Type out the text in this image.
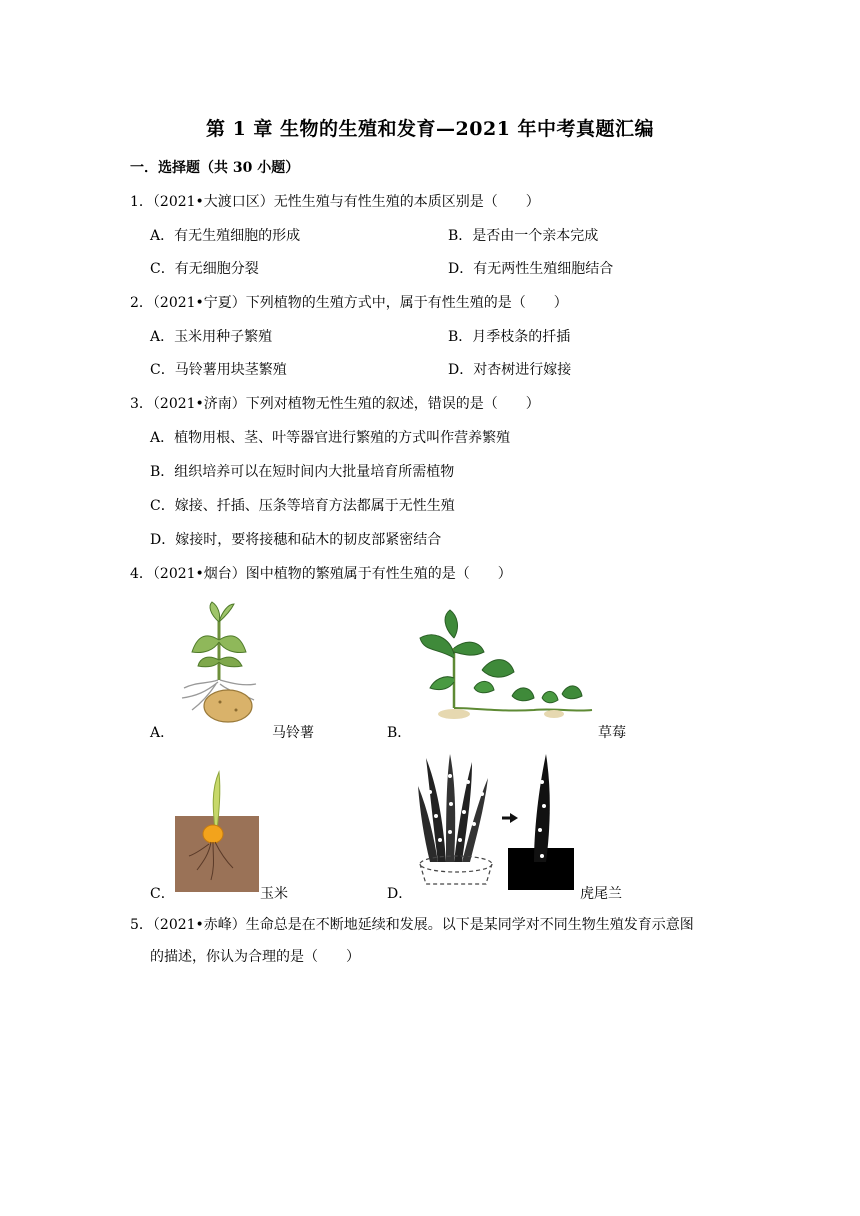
第 1 章 生物的生殖和发育—2021 年中考真题汇编
一．选择题（共 30 小题）
1．（2021•大渡口区）无性生殖与有性生殖的本质区别是（　　）
A．有无生殖细胞的形成	B．是否由一个亲本完成
C．有无细胞分裂	D．有无两性生殖细胞结合
2．（2021•宁夏）下列植物的生殖方式中，属于有性生殖的是（　　）
A．玉米用种子繁殖	B．月季枝条的扦插
C．马铃薯用块茎繁殖	D．对杏树进行嫁接
3．（2021•济南）下列对植物无性生殖的叙述，错误的是（　　）
A．植物用根、茎、叶等器官进行繁殖的方式叫作营养繁殖
B．组织培养可以在短时间内大批量培育所需植物
C．嫁接、扦插、压条等培育方法都属于无性生殖
D．嫁接时，要将接穗和砧木的韧皮部紧密结合
4．（2021•烟台）图中植物的繁殖属于有性生殖的是（　　）
A．	马铃薯	B．	草莓
C．	玉米	D．	虎尾兰
5．（2021•赤峰）生命总是在不断地延续和发展。以下是某同学对不同生物生殖发育示意图
的描述，你认为合理的是（　　）
